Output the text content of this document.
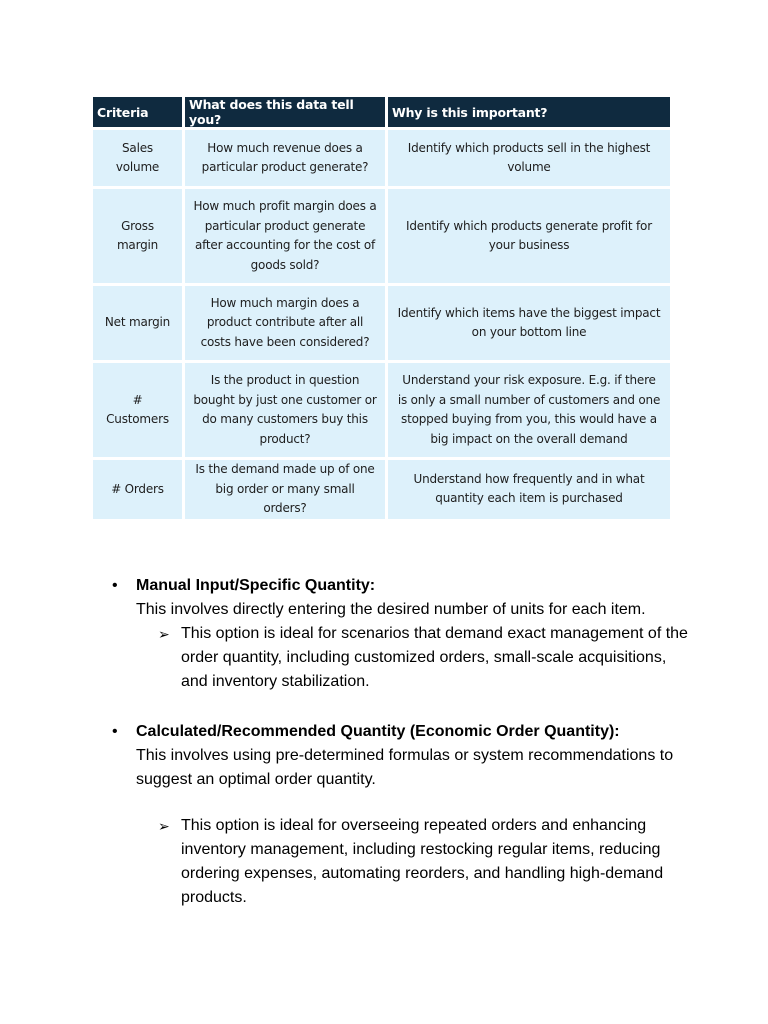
Criteria	What does this data tell you?	Why is this important?
Sales volume	How much revenue does a particular product generate?	Identify which products sell in the highest volume
Gross margin	How much profit margin does a particular product generate after accounting for the cost of goods sold?	Identify which products generate profit for your business
Net margin	How much margin does a product contribute after all costs have been considered?	Identify which items have the biggest impact on your bottom line
# Customers	Is the product in question bought by just one customer or do many customers buy this product?	Understand your risk exposure. E.g. if there is only a small number of customers and one stopped buying from you, this would have a big impact on the overall demand
# Orders	Is the demand made up of one big order or many small orders?	Understand how frequently and in what quantity each item is purchased
• Manual Input/Specific Quantity:
This involves directly entering the desired number of units for each item.
➢ This option is ideal for scenarios that demand exact management of the order quantity, including customized orders, small-scale acquisitions, and inventory stabilization.
• Calculated/Recommended Quantity (Economic Order Quantity):
This involves using pre-determined formulas or system recommendations to suggest an optimal order quantity.
➢ This option is ideal for overseeing repeated orders and enhancing inventory management, including restocking regular items, reducing ordering expenses, automating reorders, and handling high-demand products.
